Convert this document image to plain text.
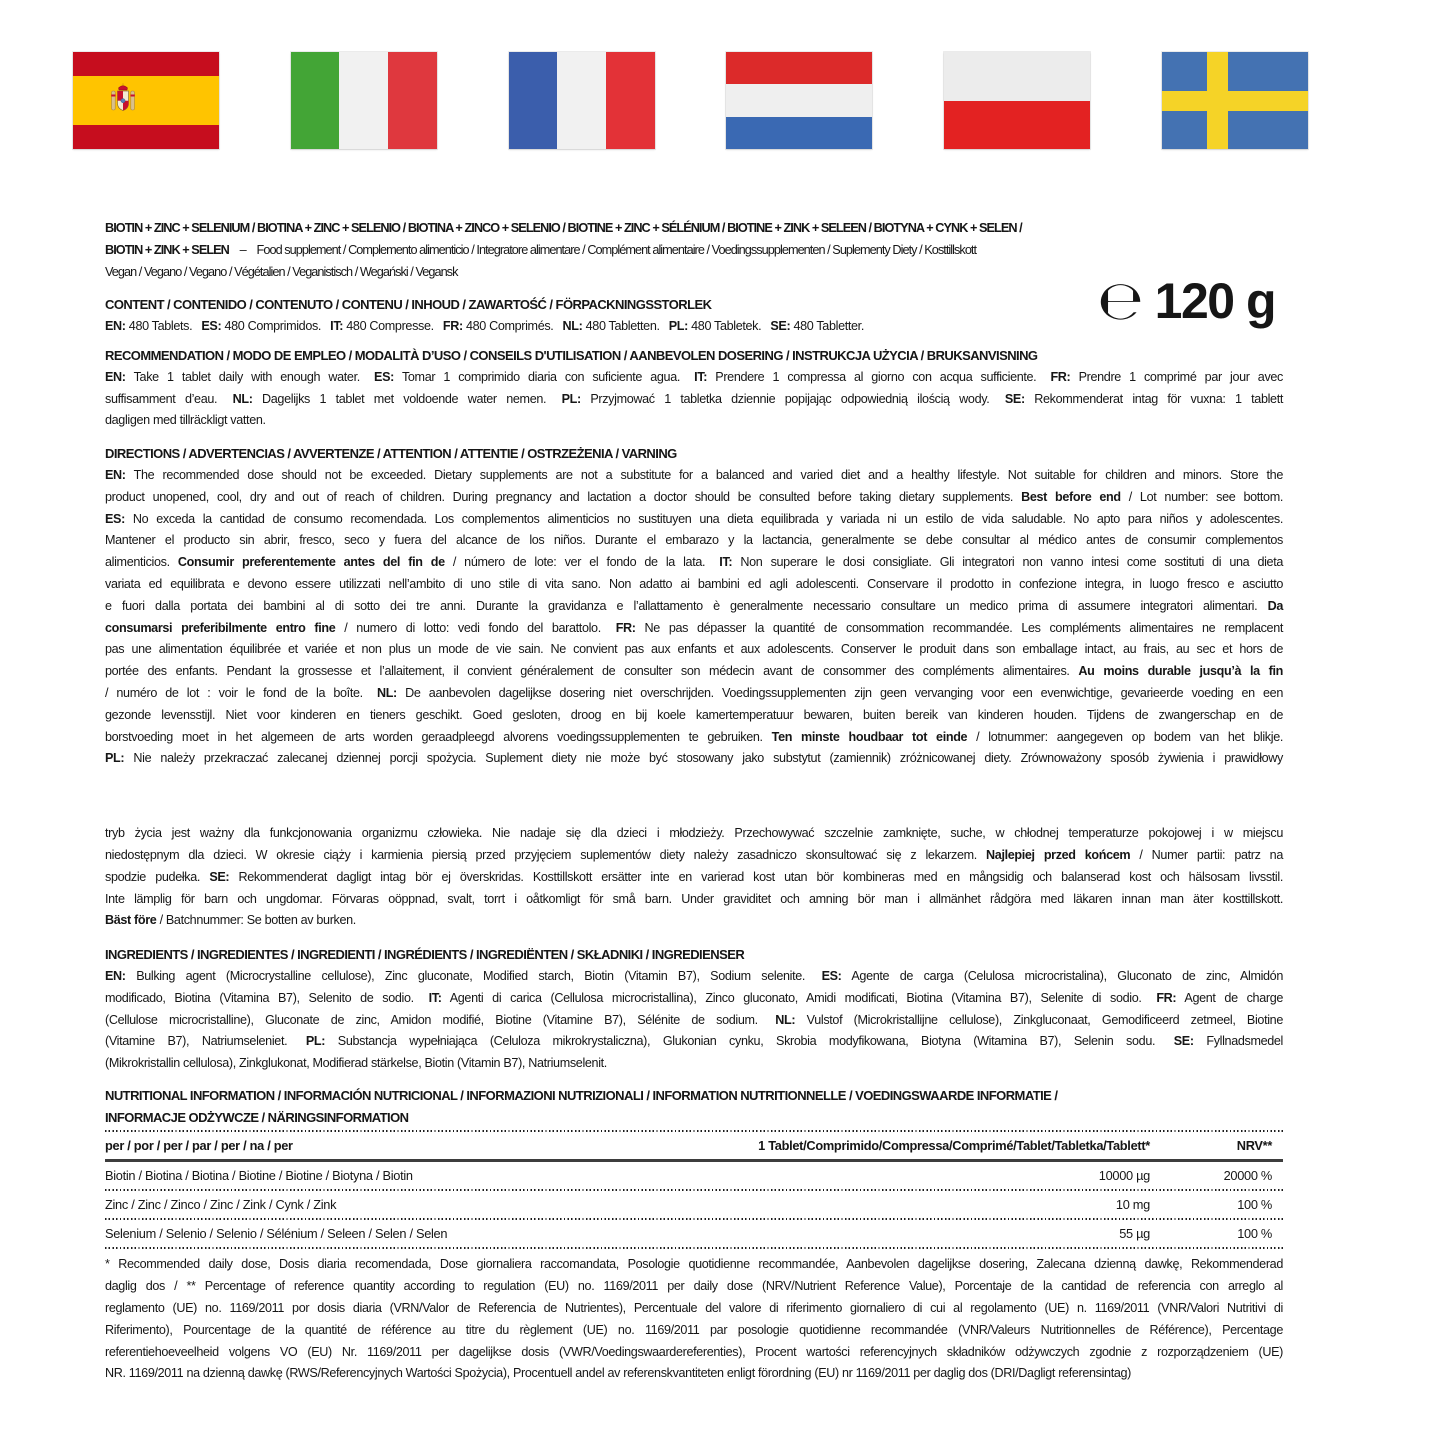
BIOTIN + ZINC + SELENIUM / BIOTINA + ZINC + SELENIO / BIOTINA + ZINCO + SELENIO / BIOTINE + ZINC + SÉLÉNIUM / BIOTINE + ZINK + SELEEN / BIOTYNA + CYNK + SELEN /
BIOTIN + ZINK + SELEN  –  Food supplement / Complemento alimenticio / Integratore alimentare / Complément alimentaire / Voedingssupplementen / Suplementy Diety / Kosttillskott
Vegan / Vegano / Vegano / Végétalien / Veganistisch / Wegański / Vegansk	℮ 120 g
CONTENT / CONTENIDO / CONTENUTO / CONTENU / INHOUD / ZAWARTOŚĆ / FÖRPACKNINGSSTORLEK
EN: 480 Tablets.  ES: 480 Comprimidos.  IT: 480 Compresse.  FR: 480 Comprimés.  NL: 480 Tabletten.  PL: 480 Tabletek.  SE: 480 Tabletter.
RECOMMENDATION / MODO DE EMPLEO / MODALITÀ D’USO / CONSEILS D'UTILISATION / AANBEVOLEN DOSERING / INSTRUKCJA UŻYCIA / BRUKSANVISNING
EN: Take 1 tablet daily with enough water.  ES: Tomar 1 comprimido diaria con suficiente agua.  IT: Prendere 1 compressa al giorno con acqua sufficiente.  FR: Prendre 1 comprimé par jour avec
suffisamment d’eau.  NL: Dagelijks 1 tablet met voldoende water nemen.  PL: Przyjmować 1 tabletka dziennie popijając odpowiednią ilością wody.  SE: Rekommenderat intag för vuxna: 1 tablett
dagligen med tillräckligt vatten.
DIRECTIONS / ADVERTENCIAS / AVVERTENZE / ATTENTION / ATTENTIE / OSTRZEŻENIA / VARNING
EN: The recommended dose should not be exceeded. Dietary supplements are not a substitute for a balanced and varied diet and a healthy lifestyle. Not suitable for children and minors. Store the
product unopened, cool, dry and out of reach of children. During pregnancy and lactation a doctor should be consulted before taking dietary supplements. Best before end / Lot number: see bottom.
ES: No exceda la cantidad de consumo recomendada. Los complementos alimenticios no sustituyen una dieta equilibrada y variada ni un estilo de vida saludable. No apto para niños y adolescentes.
Mantener el producto sin abrir, fresco, seco y fuera del alcance de los niños. Durante el embarazo y la lactancia, generalmente se debe consultar al médico antes de consumir complementos
alimenticios. Consumir preferentemente antes del fin de / número de lote: ver el fondo de la lata.  IT: Non superare le dosi consigliate. Gli integratori non vanno intesi come sostituti di una dieta
variata ed equilibrata e devono essere utilizzati nell’ambito di uno stile di vita sano. Non adatto ai bambini ed agli adolescenti. Conservare il prodotto in confezione integra, in luogo fresco e asciutto
e fuori dalla portata dei bambini al di sotto dei tre anni. Durante la gravidanza e l’allattamento è generalmente necessario consultare un medico prima di assumere integratori alimentari. Da
consumarsi preferibilmente entro fine / numero di lotto: vedi fondo del barattolo.  FR: Ne pas dépasser la quantité de consommation recommandée. Les compléments alimentaires ne remplacent
pas une alimentation équilibrée et variée et non plus un mode de vie sain. Ne convient pas aux enfants et aux adolescents. Conserver le produit dans son emballage intact, au frais, au sec et hors de
portée des enfants. Pendant la grossesse et l’allaitement, il convient généralement de consulter son médecin avant de consommer des compléments alimentaires. Au moins durable jusqu’à la fin
/ numéro de lot : voir le fond de la boîte.  NL: De aanbevolen dagelijkse dosering niet overschrijden. Voedingssupplementen zijn geen vervanging voor een evenwichtige, gevarieerde voeding en een
gezonde levensstijl. Niet voor kinderen en tieners geschikt. Goed gesloten, droog en bij koele kamertemperatuur bewaren, buiten bereik van kinderen houden. Tijdens de zwangerschap en de
borstvoeding moet in het algemeen de arts worden geraadpleegd alvorens voedingssupplementen te gebruiken. Ten minste houdbaar tot einde / lotnummer: aangegeven op bodem van het blikje.
PL: Nie należy przekraczać zalecanej dziennej porcji spożycia. Suplement diety nie może być stosowany jako substytut (zamiennik) zróżnicowanej diety. Zrównoważony sposób żywienia i prawidłowy
tryb życia jest ważny dla funkcjonowania organizmu człowieka. Nie nadaje się dla dzieci i młodzieży. Przechowywać szczelnie zamknięte, suche, w chłodnej temperaturze pokojowej i w miejscu
niedostępnym dla dzieci. W okresie ciąży i karmienia piersią przed przyjęciem suplementów diety należy zasadniczo skonsultować się z lekarzem. Najlepiej przed końcem / Numer partii: patrz na
spodzie pudełka. SE: Rekommenderat dagligt intag bör ej överskridas. Kosttillskott ersätter inte en varierad kost utan bör kombineras med en mångsidig och balanserad kost och hälsosam livsstil.
Inte lämplig för barn och ungdomar. Förvaras oöppnad, svalt, torrt i oåtkomligt för små barn. Under graviditet och amning bör man i allmänhet rådgöra med läkaren innan man äter kosttillskott.
Bäst före / Batchnummer: Se botten av burken.
INGREDIENTS / INGREDIENTES / INGREDIENTI / INGRÉDIENTS / INGREDIËNTEN / SKŁADNIKI / INGREDIENSER
EN: Bulking agent (Microcrystalline cellulose), Zinc gluconate, Modified starch, Biotin (Vitamin B7), Sodium selenite.  ES: Agente de carga (Celulosa microcristalina), Gluconato de zinc, Almidón
modificado, Biotina (Vitamina B7), Selenito de sodio.  IT: Agenti di carica (Cellulosa microcristallina), Zinco gluconato, Amidi modificati, Biotina (Vitamina B7), Selenite di sodio.  FR: Agent de charge
(Cellulose microcristalline), Gluconate de zinc, Amidon modifié, Biotine (Vitamine B7), Sélénite de sodium.  NL: Vulstof (Microkristallijne cellulose), Zinkgluconaat, Gemodificeerd zetmeel, Biotine
(Vitamine B7), Natriumseleniet.  PL: Substancja wypełniająca (Celuloza mikrokrystaliczna), Glukonian cynku, Skrobia modyfikowana, Biotyna (Witamina B7), Selenin sodu.  SE: Fyllnadsmedel
(Mikrokristallin cellulosa), Zinkglukonat, Modifierad stärkelse, Biotin (Vitamin B7), Natriumselenit.
NUTRITIONAL INFORMATION / INFORMACIÓN NUTRICIONAL / INFORMAZIONI NUTRIZIONALI / INFORMATION NUTRITIONNELLE / VOEDINGSWAARDE INFORMATIE /
INFORMACJE ODŻYWCZE / NÄRINGSINFORMATION
per / por / per / par / per / na / per	1 Tablet/Comprimido/Compressa/Comprimé/Tablet/Tabletka/Tablett*	NRV**
Biotin / Biotina / Biotina / Biotine / Biotine / Biotyna / Biotin	10000 µg	20000 %
Zinc / Zinc / Zinco / Zinc / Zink / Cynk / Zink	10 mg	100 %
Selenium / Selenio / Selenio / Sélénium / Seleen / Selen / Selen	55 µg	100 %
* Recommended daily dose, Dosis diaria recomendada, Dose giornaliera raccomandata, Posologie quotidienne recommandée, Aanbevolen dagelijkse dosering, Zalecana dzienną dawkę, Rekommenderad
daglig dos / ** Percentage of reference quantity according to regulation (EU) no. 1169/2011 per daily dose (NRV/Nutrient Reference Value), Porcentaje de la cantidad de referencia con arreglo al
reglamento (UE) no. 1169/2011 por dosis diaria (VRN/Valor de Referencia de Nutrientes), Percentuale del valore di riferimento giornaliero di cui al regolamento (UE) n. 1169/2011 (VNR/Valori Nutritivi di
Riferimento), Pourcentage de la quantité de référence au titre du règlement (UE) no. 1169/2011 par posologie quotidienne recommandée (VNR/Valeurs Nutritionnelles de Référence), Percentage
referentiehoeveelheid volgens VO (EU) Nr. 1169/2011 per dagelijkse dosis (VWR/Voedingswaardereferenties), Procent wartości referencyjnych składników odżywczych zgodnie z rozporządzeniem (UE)
NR. 1169/2011 na dzienną dawkę (RWS/Referencyjnych Wartości Spożycia), Procentuell andel av referenskvantiteten enligt förordning (EU) nr 1169/2011 per daglig dos (DRI/Dagligt referensintag)
